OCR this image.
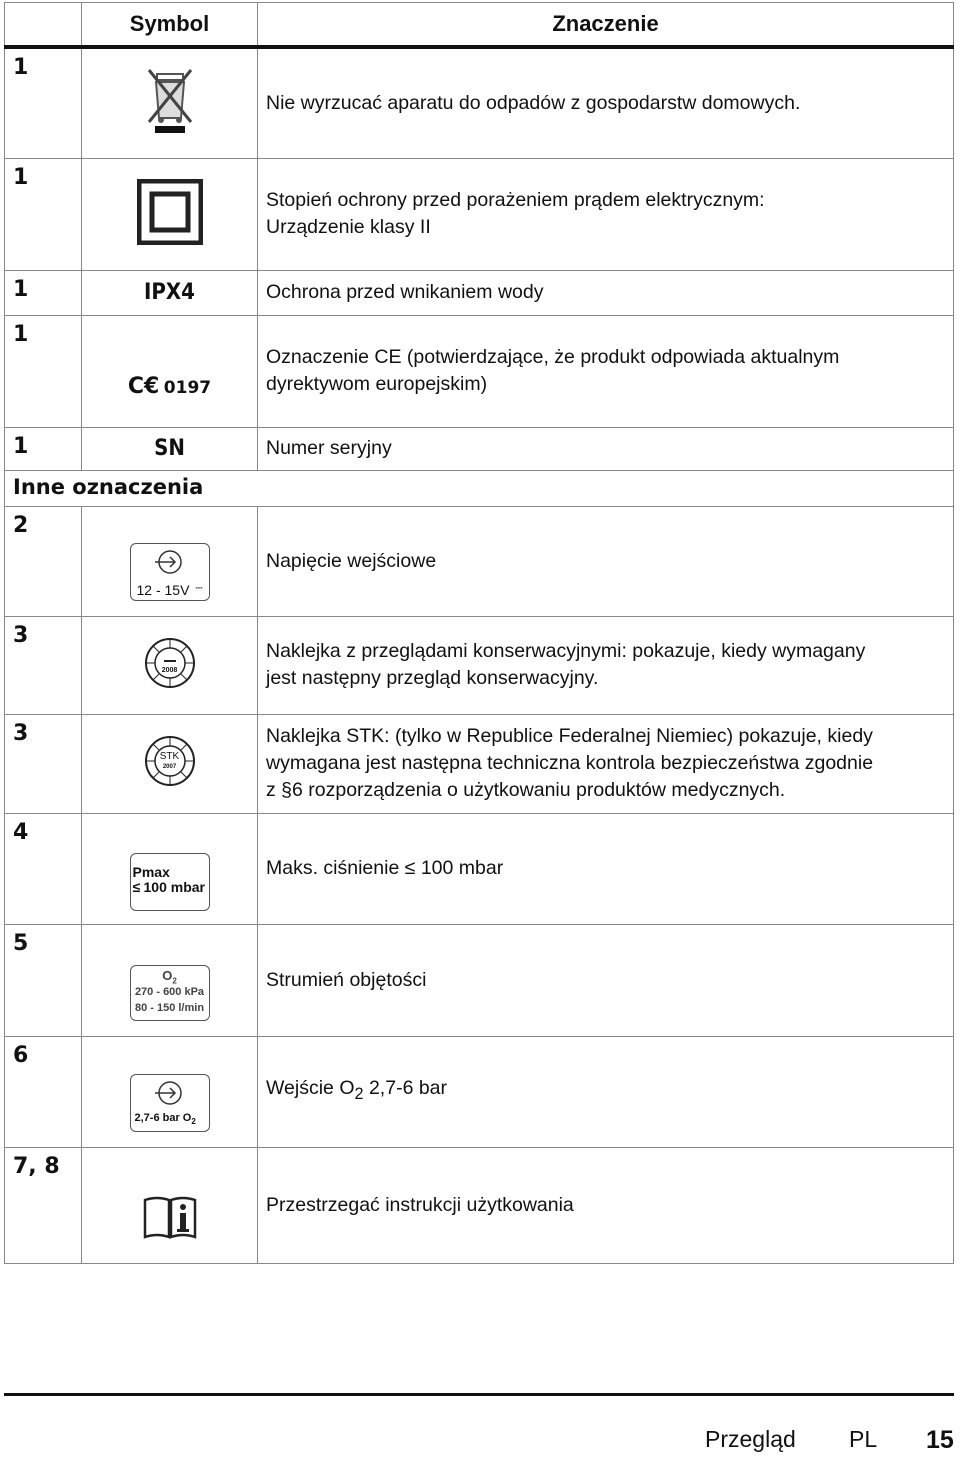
	Symbol	Znaczenie
1		Nie wyrzucać aparatu do odpadów z gospodarstw domowych.

1		Stopień ochrony przed porażeniem prądem elektrycznym:
Urządzenie klasy II

1	IPX4	Ochrona przed wnikaniem wody

1	C€ 0197	Oznaczenie CE (potwierdzające, że produkt odpowiada aktualnym
dyrektywom europejskim)

1	SN	Numer seryjny

Inne oznaczenia		
2	12 - 15V ⎓	Napięcie wejściowe

3	2008	Naklejka z przeglądami konserwacyjnymi: pokazuje, kiedy wymagany
jest następny przegląd konserwacyjny.

3	STK
2007	Naklejka STK: (tylko w Republice Federalnej Niemiec) pokazuje, kiedy
wymagana jest następna techniczna kontrola bezpieczeństwa zgodnie
z §6 rozporządzenia o użytkowaniu produktów medycznych.

4	Pmax
≤ 100 mbar	Maks. ciśnienie ≤ 100 mbar

5	$O_2$
270 - 600 kPa
80 - 150 l/min	Strumień objętości

6	2,7-6 bar $O_2$	Wejście $O_2$ 2,7-6 bar

7, 8		Przestrzegać instrukcji użytkowania
Przegląd PL 15
